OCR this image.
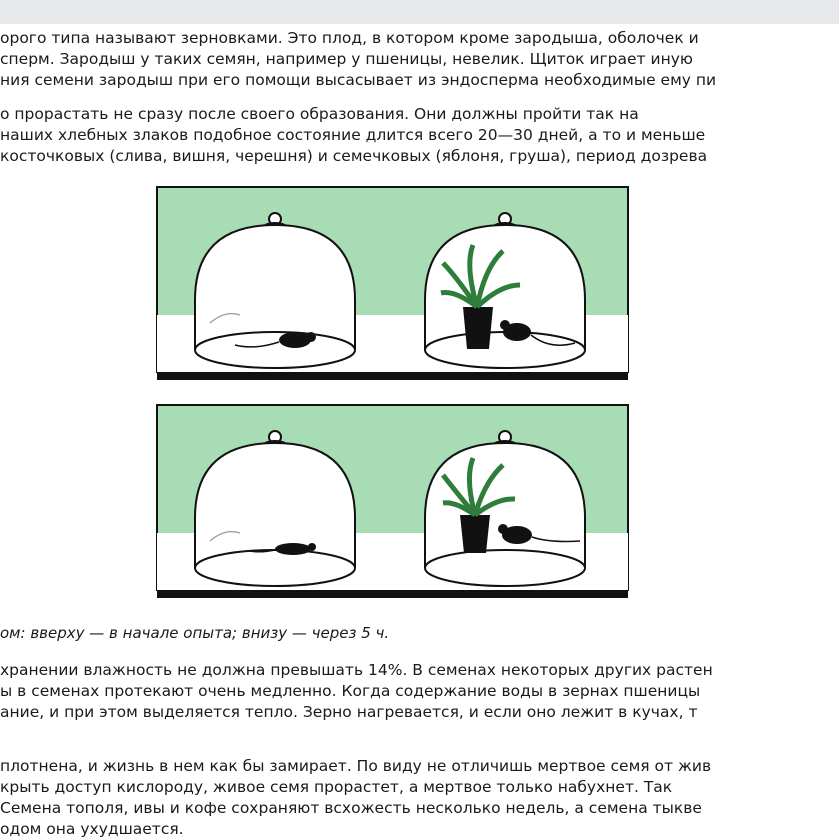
орого типа называют зерновками. Это плод, в котором кроме зародыша, оболочек и
сперм. Зародыш у таких семян, например у пшеницы, невелик. Щиток играет иную
ния семени зародыш при его помощи высасывает из эндосперма необходимые ему пи
о прорастать не сразу после своего образования. Они должны пройти так на
наших хлебных злаков подобное состояние длится всего 20—30 дней, а то и меньше
косточковых (слива, вишня, черешня) и семечковых (яблоня, груша), период дозрева
ом: вверху — в начале опыта; внизу — через 5 ч.
хранении влажность не должна превышать 14%. В семенах некоторых других растен
ы в семенах протекают очень медленно. Когда содержание воды в зернах пшеницы
ание, и при этом выделяется тепло. Зерно нагревается, и если оно лежит в кучах, т
плотнена, и жизнь в нем как бы замирает. По виду не отличишь мертвое семя от жив
крыть доступ кислороду, живое семя прорастет, а мертвое только набухнет. Так
Семена тополя, ивы и кофе сохраняют всхожесть несколько недель, а семена тыкве
одом она ухудшается.
